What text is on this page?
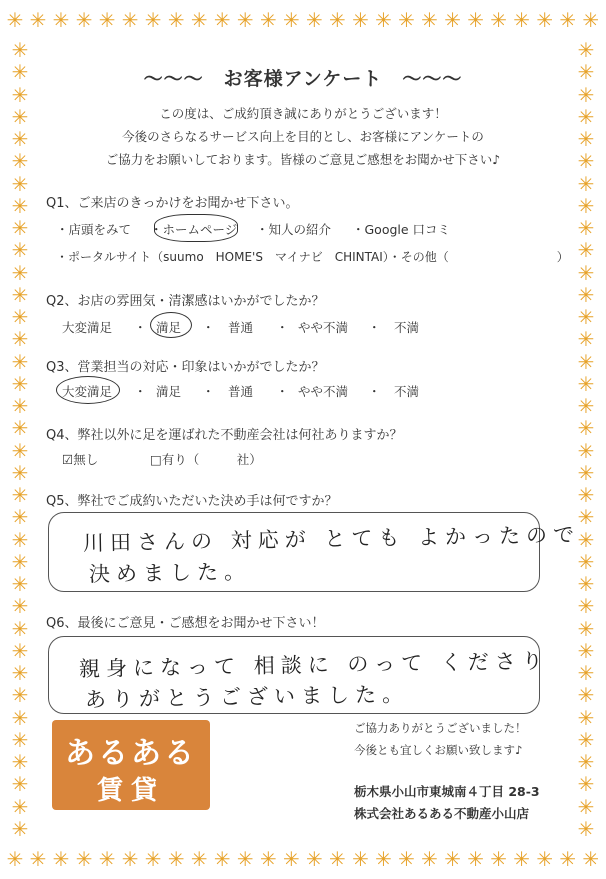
✳ ✳ ✳ ✳ ✳ ✳ ✳ ✳ ✳ ✳ ✳ ✳ ✳ ✳ ✳ ✳ ✳ ✳ ✳ ✳ ✳ ✳ ✳ ✳ ✳ ✳
✳ ✳ ✳ ✳ ✳ ✳ ✳ ✳ ✳ ✳ ✳ ✳ ✳ ✳ ✳ ✳ ✳ ✳ ✳ ✳ ✳ ✳ ✳ ✳ ✳ ✳
✳
✳
✳
✳
✳
✳
✳
✳
✳
✳
✳
✳
✳
✳
✳
✳
✳
✳
✳
✳
✳
✳
✳
✳
✳
✳
✳
✳
✳
✳
✳
✳
✳
✳
✳
✳
✳
✳
✳
✳
✳
✳
✳
✳
✳
✳
✳
✳
✳
✳
✳
✳
✳
✳
✳
✳
✳
✳
✳
✳
✳
✳
✳
✳
✳
✳
✳
✳
✳
✳
✳
✳
～～～　お客様アンケート　～～～
この度は、ご成約頂き誠にありがとうございます！
今後のさらなるサービス向上を目的とし、お客様にアンケートの
ご協力をお願いしております。皆様のご意見ご感想をお聞かせ下さい♪
Q1、ご来店のきっかけをお聞かせ下さい。
・店頭をみて ・ホームページ ・知人の紹介 ・Google 口コミ
・ポータルサイト（suumo　HOME'S　マイナビ　CHINTAI）・その他（　　　　　　　　　）
Q2、お店の雰囲気・清潔感はいかがでしたか？
大変満足 ・ 満足 ・ 普通 ・ やや不満 ・ 不満
Q3、営業担当の対応・印象はいかがでしたか？
大変満足 ・ 満足 ・ 普通 ・ やや不満 ・ 不満
Q4、弊社以外に足を運ばれた不動産会社は何社ありますか？
☑無し	□有り（　　　社）
Q5、弊社でご成約いただいた決め手は何ですか？
川田さんの 対応が とても よかったので
決めました。
Q6、最後にご意見・ご感想をお聞かせ下さい！
親身になって 相談に のって くださり
ありがとうございました。
あるある
賃貸
ご協力ありがとうございました！
今後とも宜しくお願い致します♪
栃木県小山市東城南４丁目 28-3
株式会社あるある不動産小山店
